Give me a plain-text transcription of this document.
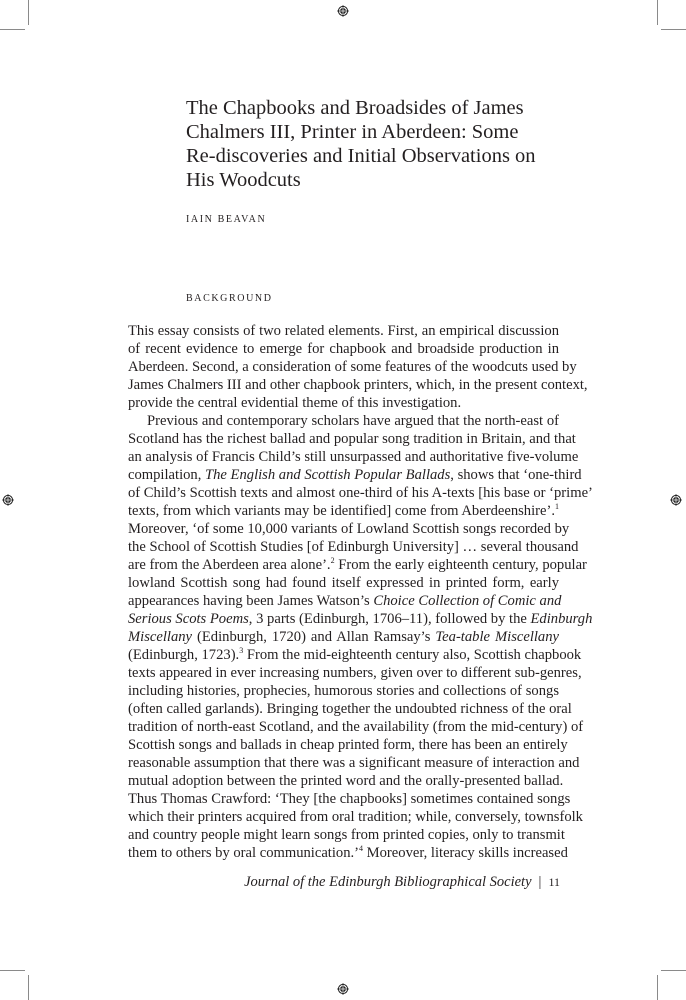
The Chapbooks and Broadsides of James
Chalmers III, Printer in Aberdeen: Some
Re-discoveries and Initial Observations on
His Woodcuts
IAIN BEAVAN
BACKGROUND
This essay consists of two related elements. First, an empirical discussion
of recent evidence to emerge for chapbook and broadside production in
Aberdeen. Second, a consideration of some features of the woodcuts used by
James Chalmers III and other chapbook printers, which, in the present context,
provide the central evidential theme of this investigation.
Previous and contemporary scholars have argued that the north-east of
Scotland has the richest ballad and popular song tradition in Britain, and that
an analysis of Francis Child’s still unsurpassed and authoritative five-volume
compilation, The English and Scottish Popular Ballads, shows that ‘one-third
of Child’s Scottish texts and almost one-third of his A-texts [his base or ‘prime’
texts, from which variants may be identified] come from Aberdeenshire’.$^1$
Moreover, ‘of some 10,000 variants of Lowland Scottish songs recorded by
the School of Scottish Studies [of Edinburgh University] … several thousand
are from the Aberdeen area alone’.$^2$ From the early eighteenth century, popular
lowland Scottish song had found itself expressed in printed form, early
appearances having been James Watson’s Choice Collection of Comic and
Serious Scots Poems, 3 parts (Edinburgh, 1706–11), followed by the Edinburgh
Miscellany (Edinburgh, 1720) and Allan Ramsay’s Tea-table Miscellany
(Edinburgh, 1723).$^3$ From the mid-eighteenth century also, Scottish chapbook
texts appeared in ever increasing numbers, given over to different sub-genres,
including histories, prophecies, humorous stories and collections of songs
(often called garlands). Bringing together the undoubted richness of the oral
tradition of north-east Scotland, and the availability (from the mid-century) of
Scottish songs and ballads in cheap printed form, there has been an entirely
reasonable assumption that there was a significant measure of interaction and
mutual adoption between the printed word and the orally-presented ballad.
Thus Thomas Crawford: ‘They [the chapbooks] sometimes contained songs
which their printers acquired from oral tradition; while, conversely, townsfolk
and country people might learn songs from printed copies, only to transmit
them to others by oral communication.’$^4$ Moreover, literacy skills increased
Journal of the Edinburgh Bibliographical Society | 11
